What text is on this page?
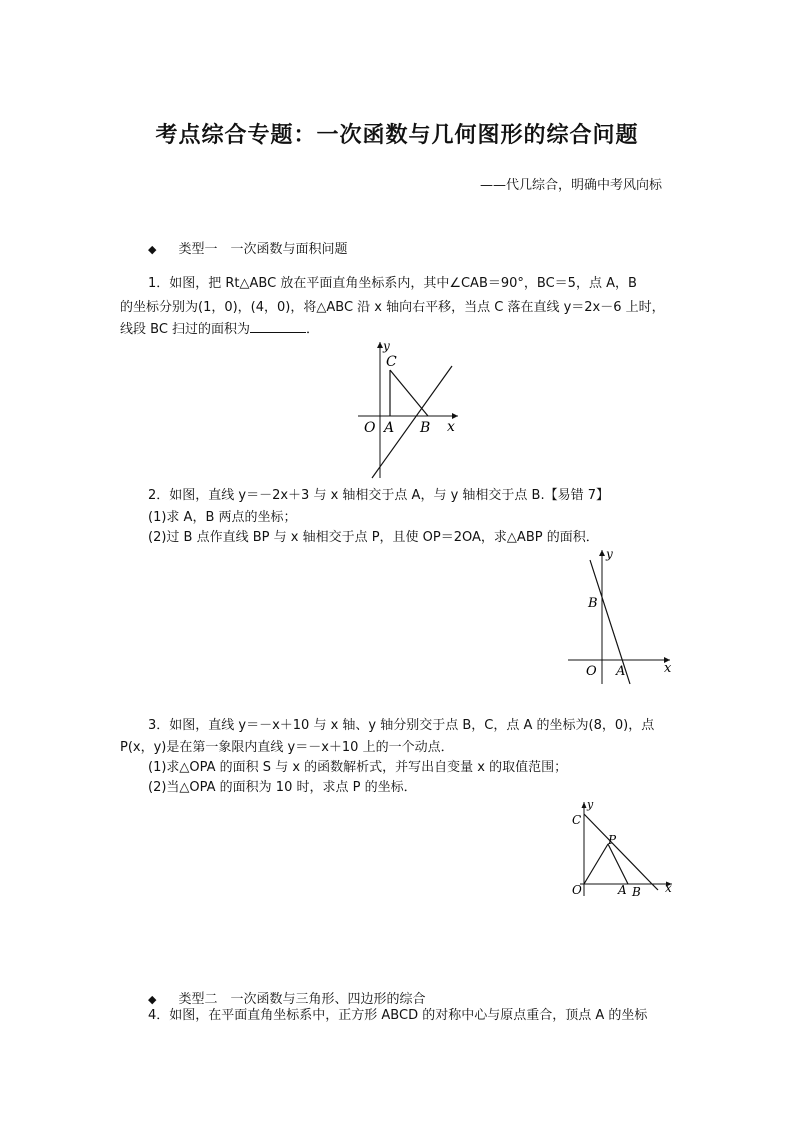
考点综合专题：一次函数与几何图形的综合问题
——代几综合，明确中考风向标
◆ 类型一　一次函数与面积问题
1．如图，把 Rt△ABC 放在平面直角坐标系内，其中∠CAB＝90°，BC＝5，点 A，B
的坐标分别为(1，0)，(4，0)，将△ABC 沿 x 轴向右平移，当点 C 落在直线 y＝2x－6 上时，
线段 BC 扫过的面积为	．
y
C
O A B x
2．如图，直线 y＝－2x＋3 与 x 轴相交于点 A，与 y 轴相交于点 B.【易错 7】
(1)求 A，B 两点的坐标；
(2)过 B 点作直线 BP 与 x 轴相交于点 P，且使 OP＝2OA，求△ABP 的面积．
y
B
O A	x
3．如图，直线 y＝－x＋10 与 x 轴、y 轴分别交于点 B，C，点 A 的坐标为(8，0)，点
P(x，y)是在第一象限内直线 y＝－x＋10 上的一个动点．
(1)求△OPA 的面积 S 与 x 的函数解析式，并写出自变量 x 的取值范围；
(2)当△OPA 的面积为 10 时，求点 P 的坐标．
y
C
P
O	A B x
◆ 类型二　一次函数与三角形、四边形的综合
4．如图，在平面直角坐标系中，正方形 ABCD 的对称中心与原点重合，顶点 A 的坐标
